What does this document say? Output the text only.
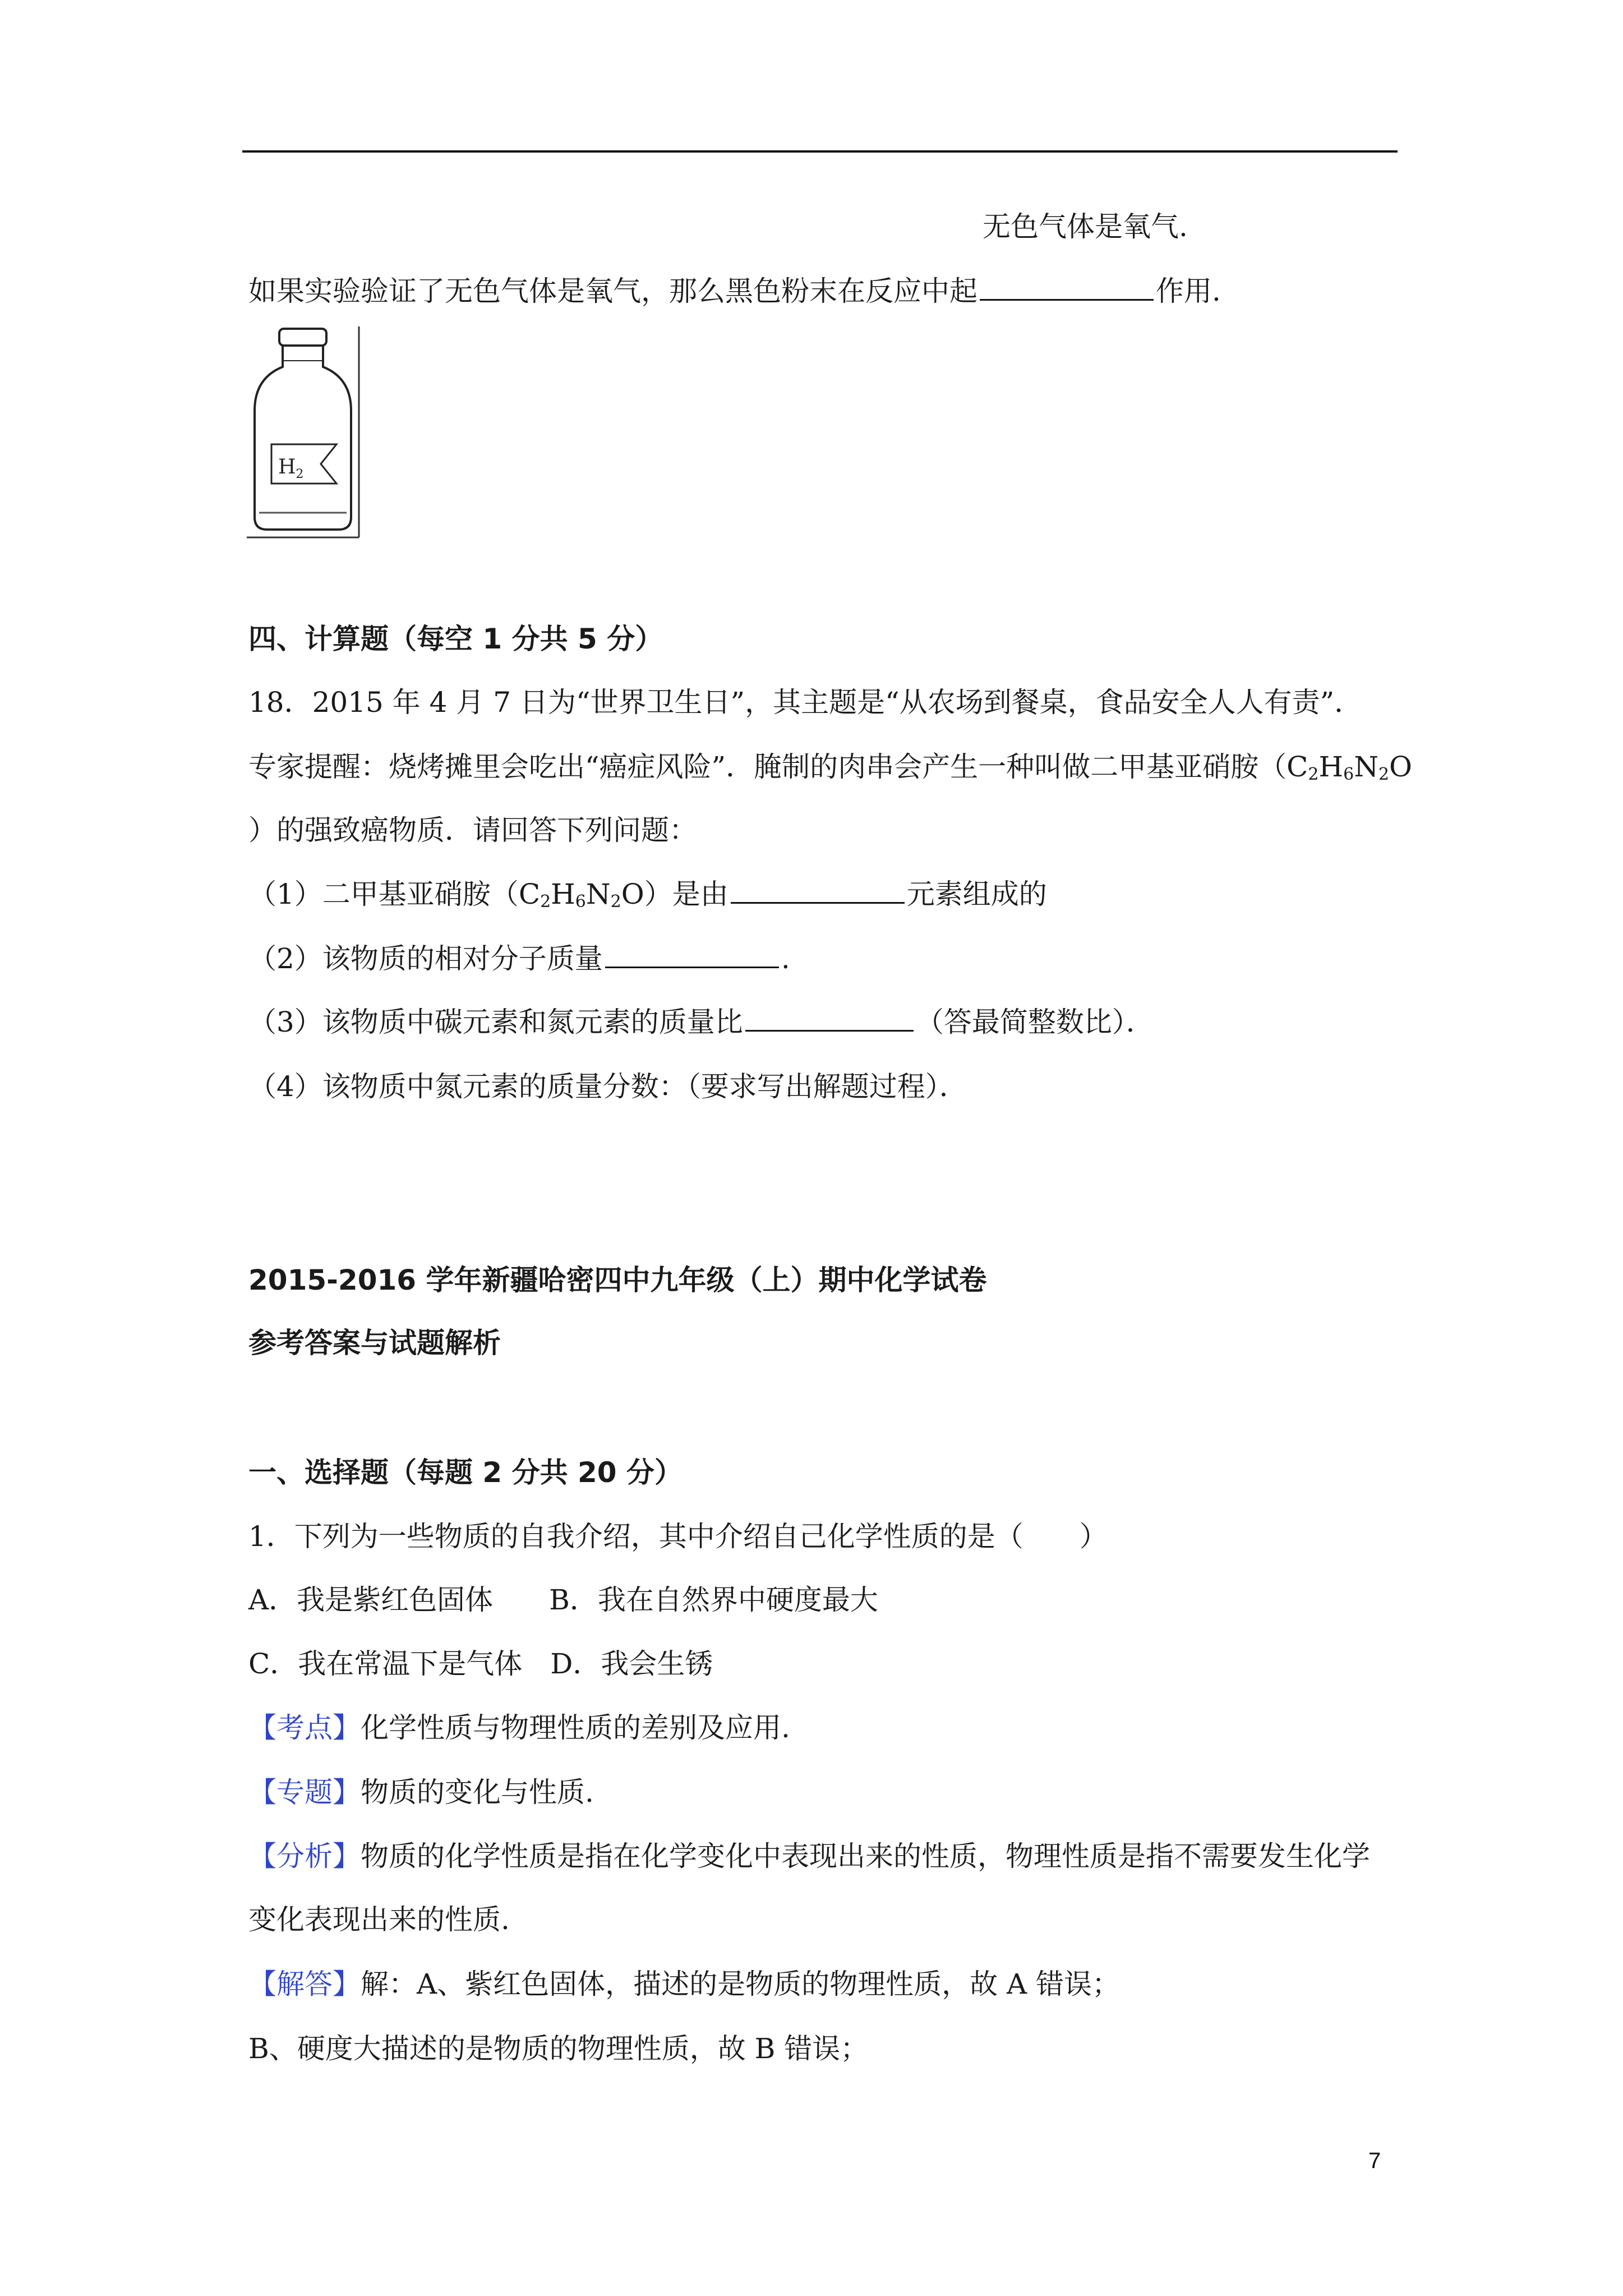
无色气体是氧气.
如果实验验证了无色气体是氧气，那么黑色粉末在反应中起	作用.
$H_2$
四、计算题（每空 1 分共 5 分）
18．2015 年 4 月 7 日为“世界卫生日”，其主题是“从农场到餐桌，食品安全人人有责”．
专家提醒：烧烤摊里会吃出“癌症风险”．腌制的肉串会产生一种叫做二甲基亚硝胺（$C_2H_6N_2O$
）的强致癌物质．请回答下列问题：
（1）二甲基亚硝胺$(C_2H_6N_2O)$是由	元素组成的
（2）该物质的相对分子质量	.
（3）该物质中碳元素和氮元素的质量比	（答最简整数比）．
（4）该物质中氮元素的质量分数：（要求写出解题过程）．
2015-2016 学年新疆哈密四中九年级（上）期中化学试卷
参考答案与试题解析
一、选择题（每题 2 分共 20 分）
1．下列为一些物质的自我介绍，其中介绍自己化学性质的是（　　）
A．我是紫红色固体　　B．我在自然界中硬度最大
C．我在常温下是气体　D．我会生锈
【考点】化学性质与物理性质的差别及应用.
【专题】物质的变化与性质.
【分析】物质的化学性质是指在化学变化中表现出来的性质，物理性质是指不需要发生化学
变化表现出来的性质.
【解答】解：A、紫红色固体，描述的是物质的物理性质，故 A 错误；
B、硬度大描述的是物质的物理性质，故 B 错误；
7
